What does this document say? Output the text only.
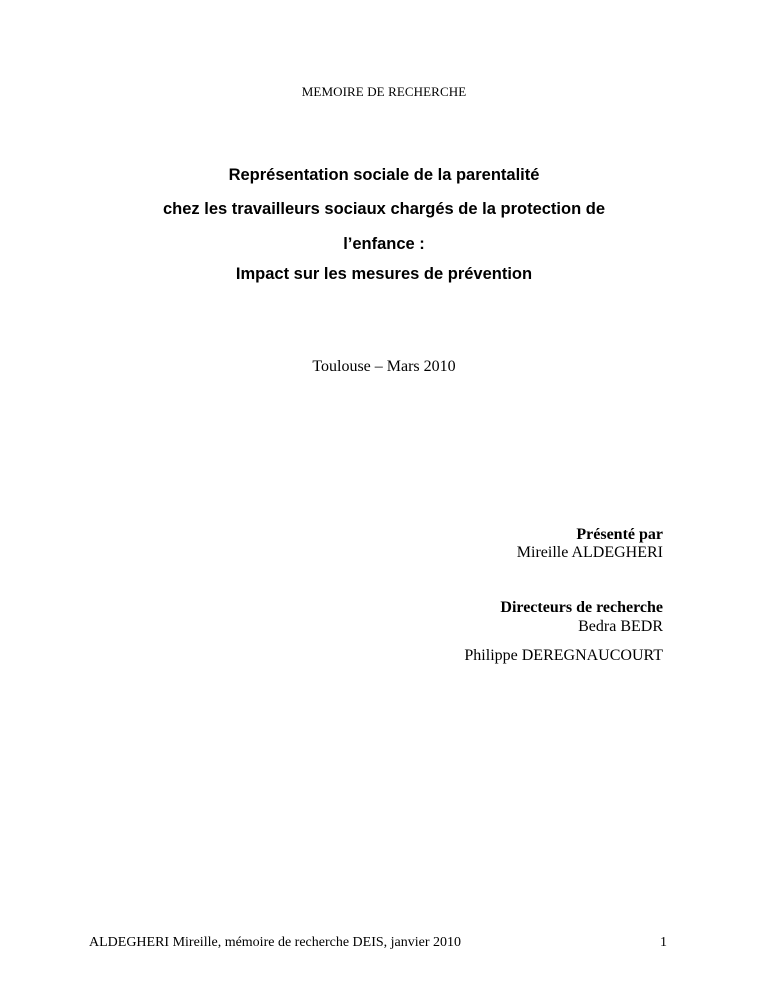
MEMOIRE DE RECHERCHE
Représentation sociale de la parentalité
chez les travailleurs sociaux chargés de la protection de
l’enfance :
Impact sur les mesures de prévention
Toulouse – Mars 2010
Présenté par
Mireille ALDEGHERI
Directeurs de recherche
Bedra BEDR
Philippe DEREGNAUCOURT
ALDEGHERI Mireille, mémoire de recherche DEIS, janvier 2010	1
